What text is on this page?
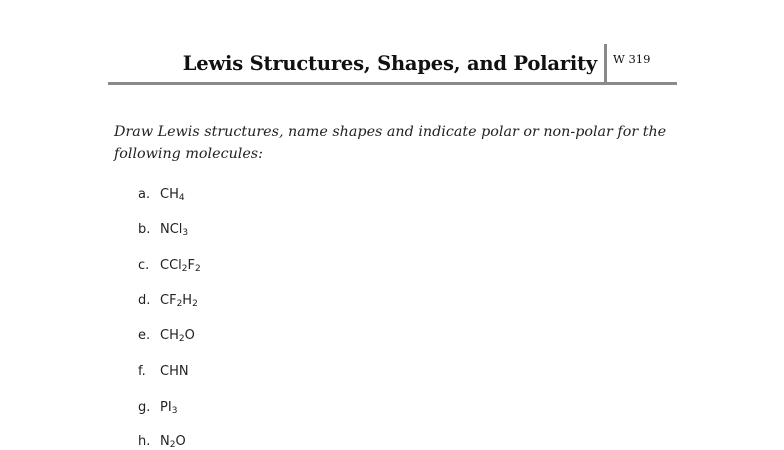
Lewis Structures, Shapes, and Polarity W 319
Draw Lewis structures, name shapes and indicate polar or non-polar for the following molecules:
a. $CH_4$
b. NCl$_3$
c. $CCl_2F_2$
d. $CF_2H_2$
e. $CH_2O$
f. CHN
g. $PI_3$
h. $N_2O$
